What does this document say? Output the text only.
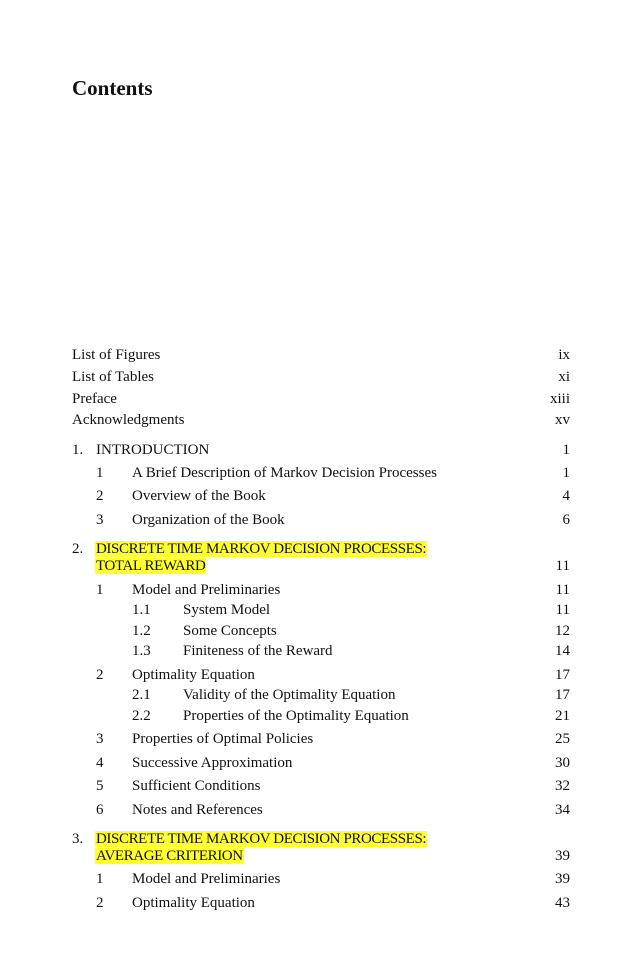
Contents
List of Figures	ix
List of Tables	xi
Preface	xiii
Acknowledgments	xv
1. INTRODUCTION	1
1 A Brief Description of Markov Decision Processes	1
2 Overview of the Book	4
3 Organization of the Book	6
2. DISCRETE TIME MARKOV DECISION PROCESSES:
TOTAL REWARD	11
1 Model and Preliminaries	11
1.1 System Model	11
1.2 Some Concepts	12
1.3 Finiteness of the Reward	14
2 Optimality Equation	17
2.1 Validity of the Optimality Equation	17
2.2 Properties of the Optimality Equation	21
3 Properties of Optimal Policies	25
4 Successive Approximation	30
5 Sufficient Conditions	32
6 Notes and References	34
3. DISCRETE TIME MARKOV DECISION PROCESSES:
AVERAGE CRITERION	39
1 Model and Preliminaries	39
2 Optimality Equation	43
